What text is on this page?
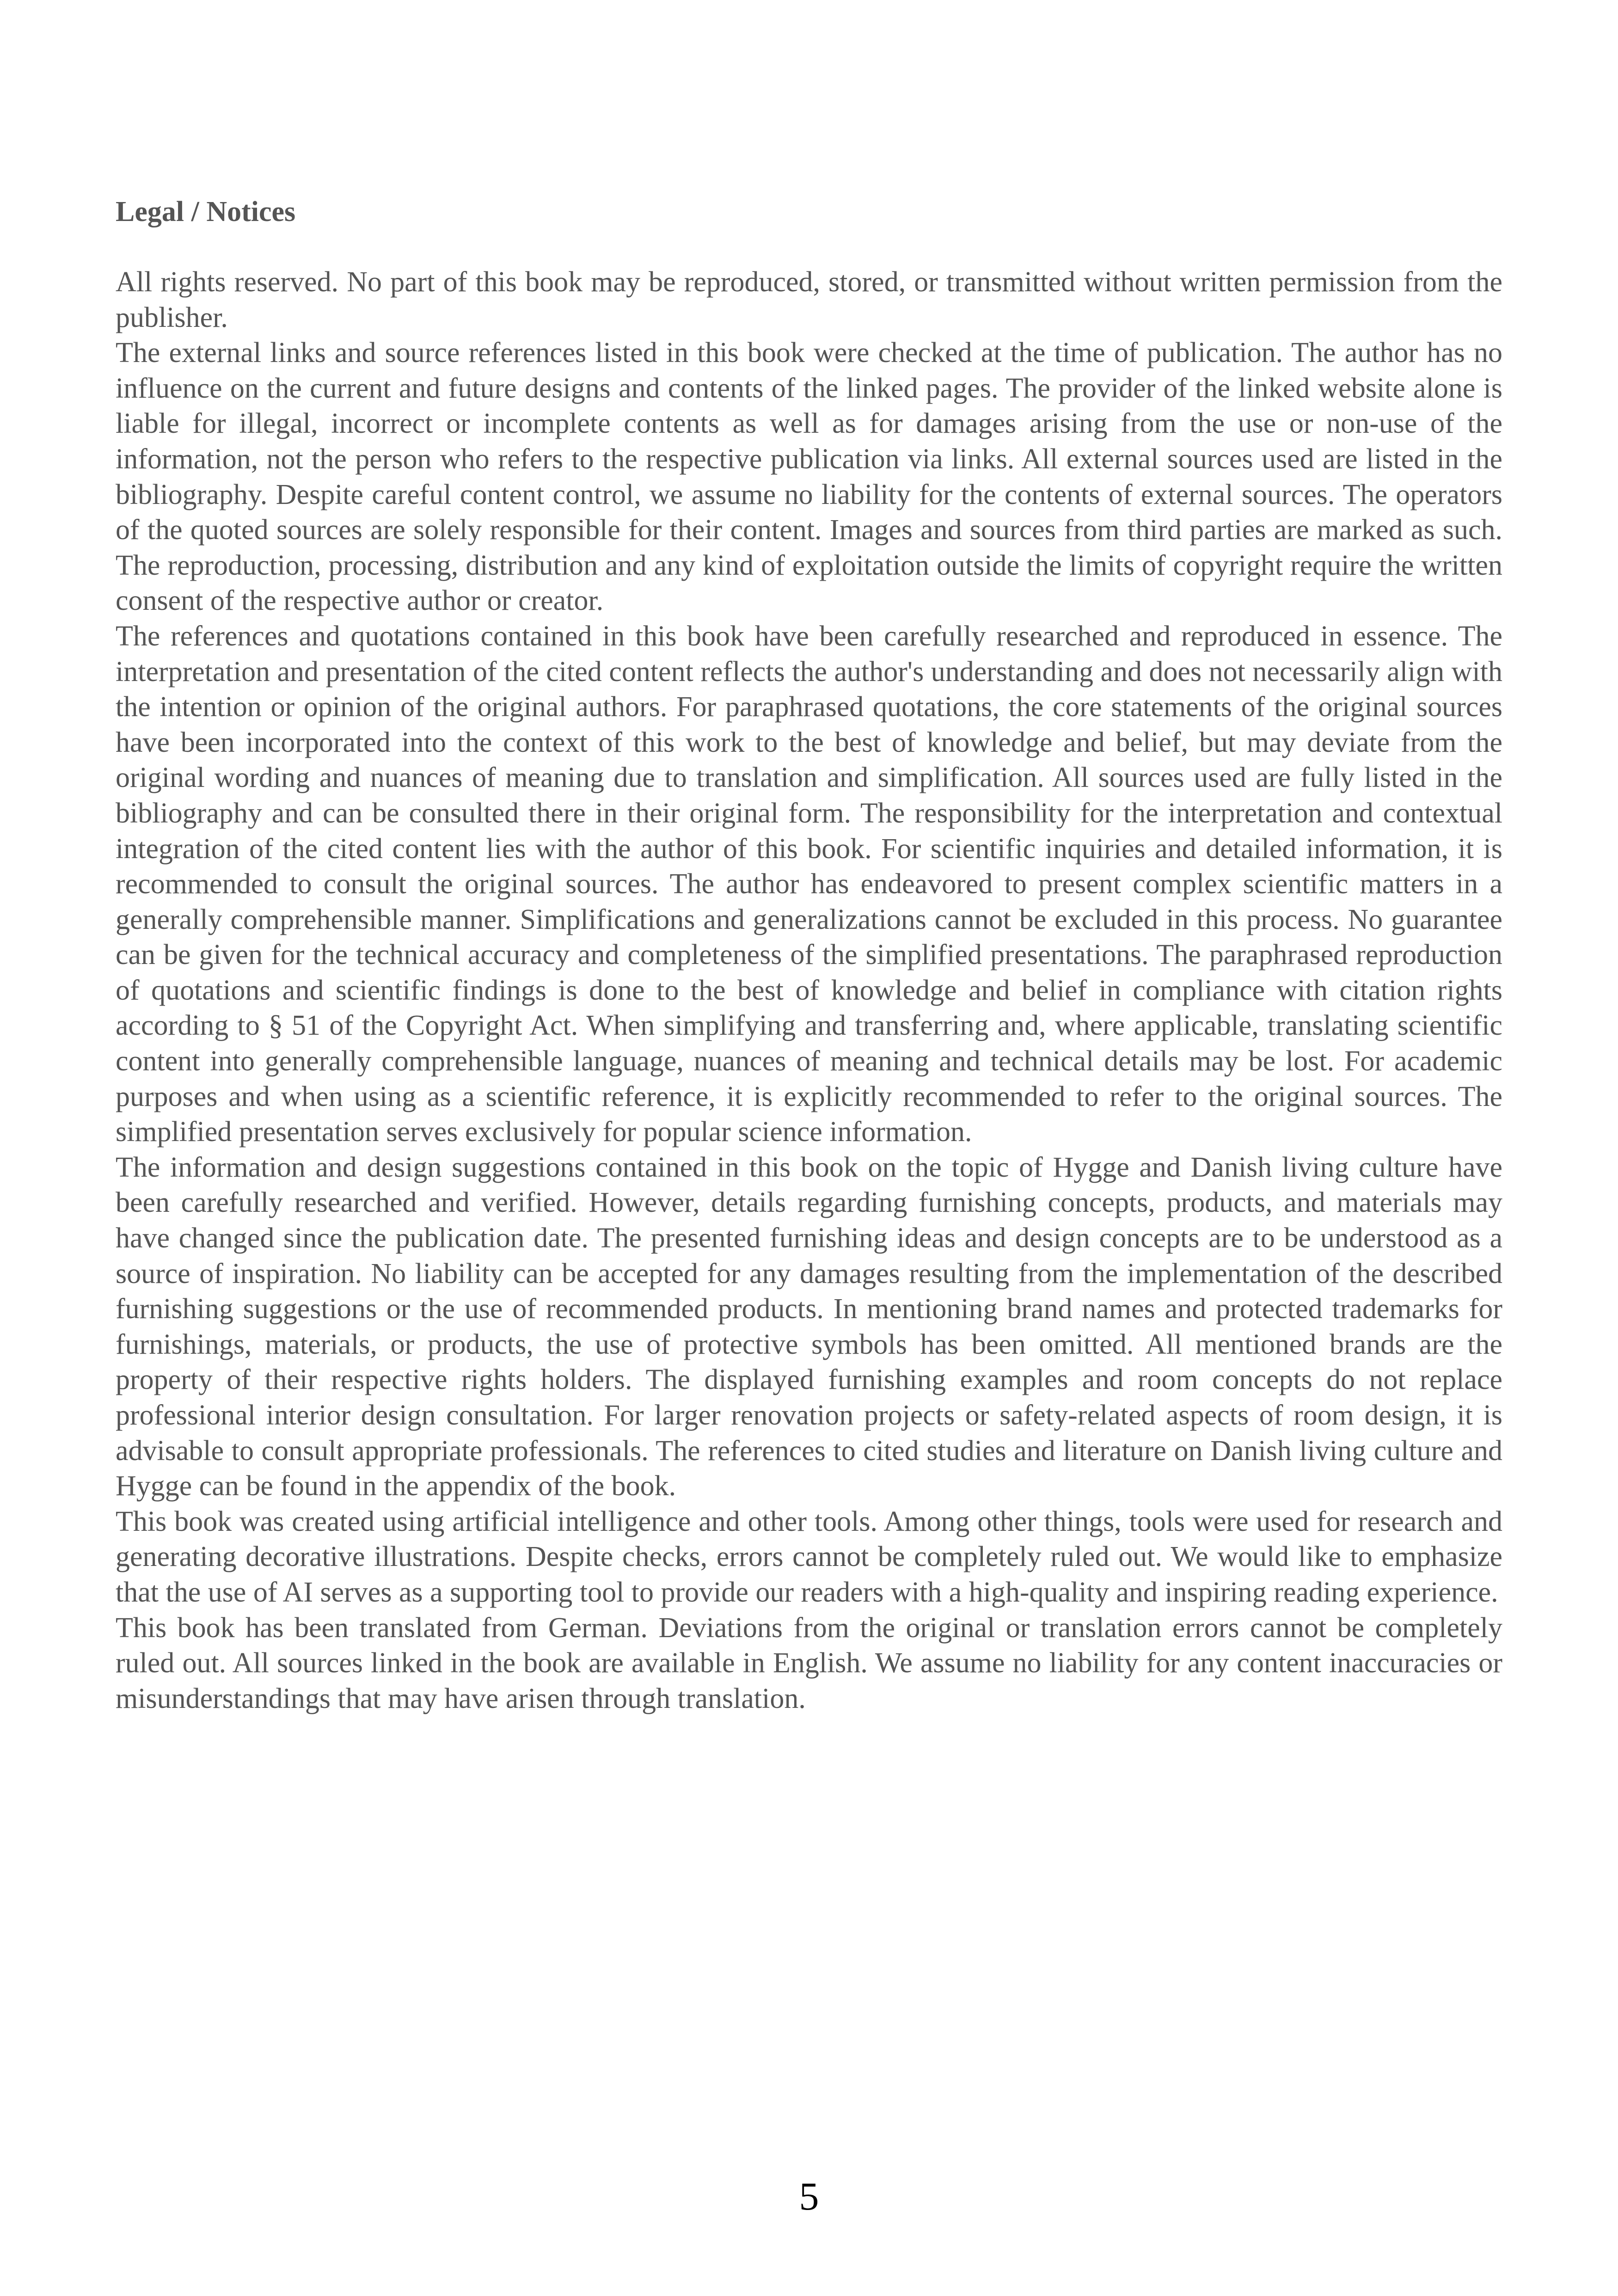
Legal / Notices

All rights reserved. No part of this book may be reproduced, stored, or transmitted without written permission from the publisher.

The external links and source references listed in this book were checked at the time of publication. The author has no influence on the current and future designs and contents of the linked pages. The provider of the linked website alone is liable for illegal, incorrect or incomplete contents as well as for damages arising from the use or non-use of the information, not the person who refers to the respective publication via links. All external sources used are listed in the bibliography. Despite careful content control, we assume no liability for the contents of external sources. The operators of the quoted sources are solely responsible for their content. Images and sources from third parties are marked as such. The reproduction, processing, distribution and any kind of exploitation outside the limits of copyright require the written consent of the respective author or creator.

The references and quotations contained in this book have been carefully researched and reproduced in essence. The interpretation and presentation of the cited content reflects the author's understanding and does not necessarily align with the intention or opinion of the original authors. For paraphrased quotations, the core statements of the original sources have been incorporated into the context of this work to the best of knowledge and belief, but may deviate from the original wording and nuances of meaning due to translation and simplification. All sources used are fully listed in the bibliography and can be consulted there in their original form. The responsibility for the interpretation and contextual integration of the cited content lies with the author of this book. For scientific inquiries and detailed information, it is recommended to consult the original sources. The author has endeavored to present complex scientific matters in a generally comprehensible manner. Simplifications and generalizations cannot be excluded in this process. No guarantee can be given for the technical accuracy and completeness of the simplified presentations. The paraphrased reproduction of quotations and scientific findings is done to the best of knowledge and belief in compliance with citation rights according to § 51 of the Copyright Act. When simplifying and transferring and, where applicable, translating scientific content into generally comprehensible language, nuances of meaning and technical details may be lost. For academic purposes and when using as a scientific reference, it is explicitly recommended to refer to the original sources. The simplified presentation serves exclusively for popular science information.

The information and design suggestions contained in this book on the topic of Hygge and Danish living culture have been carefully researched and verified. However, details regarding furnishing concepts, products, and materials may have changed since the publication date. The presented furnishing ideas and design concepts are to be understood as a source of inspiration. No liability can be accepted for any damages resulting from the implementation of the described furnishing suggestions or the use of recommended products. In mentioning brand names and protected trademarks for furnishings, materials, or products, the use of protective symbols has been omitted. All mentioned brands are the property of their respective rights holders. The displayed furnishing examples and room concepts do not replace professional interior design consultation. For larger renovation projects or safety-related aspects of room design, it is advisable to consult appropriate professionals. The references to cited studies and literature on Danish living culture and Hygge can be found in the appendix of the book.

This book was created using artificial intelligence and other tools. Among other things, tools were used for research and generating decorative illustrations. Despite checks, errors cannot be completely ruled out. We would like to emphasize that the use of AI serves as a supporting tool to provide our readers with a high-quality and inspiring reading experience.

This book has been translated from German. Deviations from the original or translation errors cannot be completely ruled out. All sources linked in the book are available in English. We assume no liability for any content inaccuracies or misunderstandings that may have arisen through translation.

5
